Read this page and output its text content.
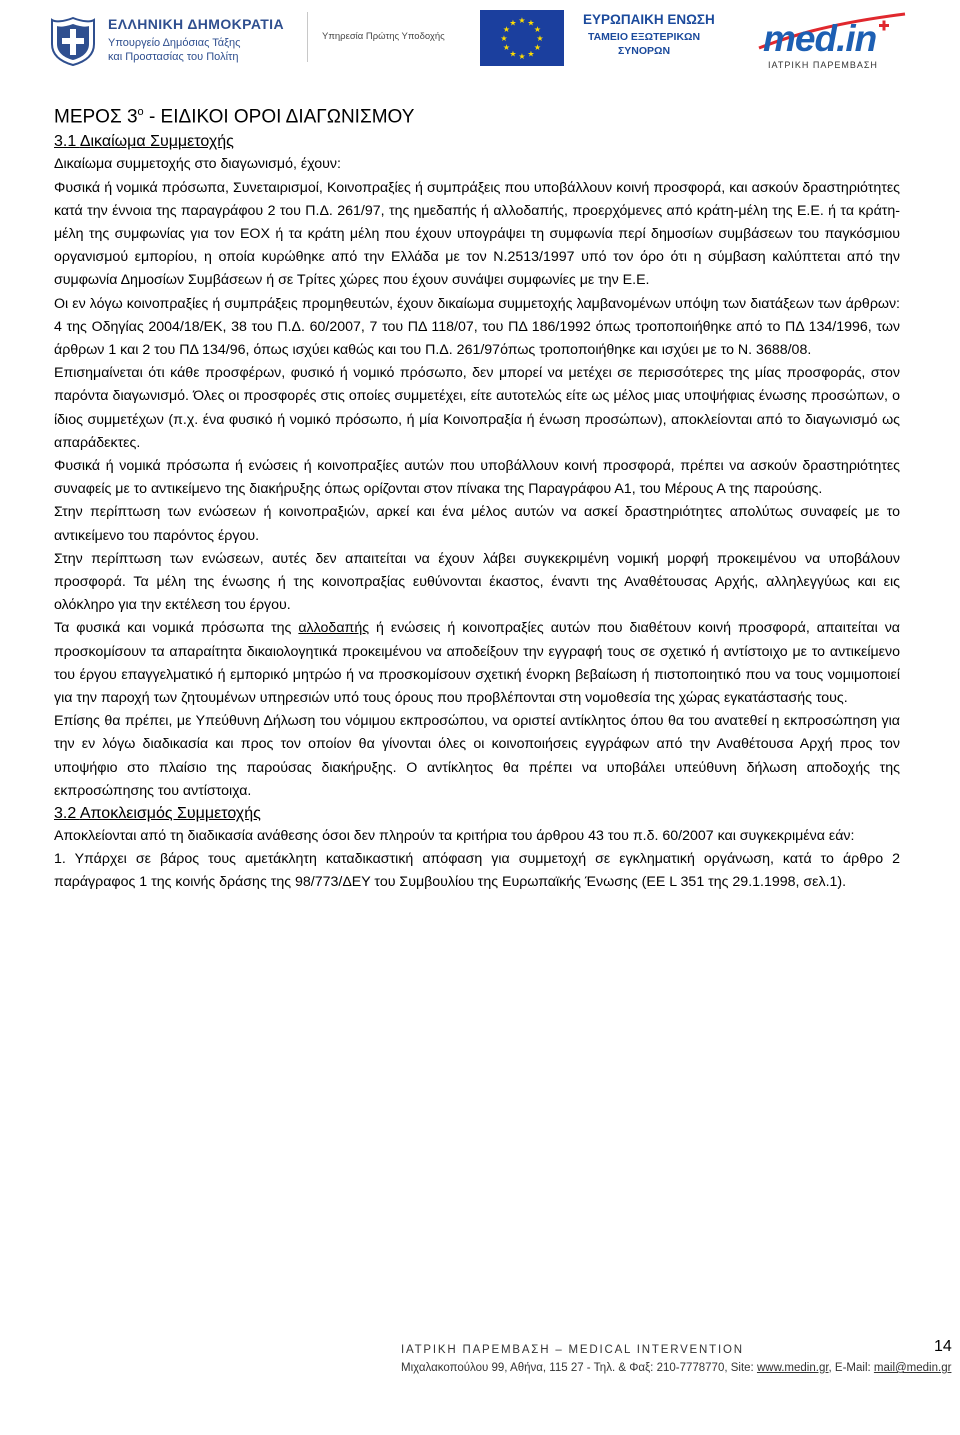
ΕΛΛΗΝΙΚΗ ΔΗΜΟΚΡΑΤΙΑ
Υπουργείο Δημόσιας Τάξης
και Προστασίας του Πολίτη
Υπηρεσία Πρώτης Υποδοχής
★ ★
★
★
★
★
★
★
★
★
★
★	ΕΥΡΩΠΑΙΚΗ ΕΝΩΣΗ
ΤΑΜΕΙΟ ΕΞΩΤΕΡΙΚΩΝ
ΣΥΝΟΡΩΝ	med.in
ΙΑΤΡΙΚΗ ΠΑΡΕΜΒΑΣΗ

ΜΕΡΟΣ $3^o$ - ΕΙΔΙΚΟΙ ΟΡΟΙ ΔΙΑΓΩΝΙΣΜΟΥ

3.1 Δικαίωμα Συμμετοχής

Δικαίωμα συμμετοχής στο διαγωνισμό, έχουν:

Φυσικά ή νομικά πρόσωπα, Συνεταιρισμοί, Κοινοπραξίες ή συμπράξεις που υποβάλλουν κοινή προσφορά, και ασκούν δραστηριότητες κατά την έννοια της παραγράφου 2 του Π.Δ. 261/97, της ημεδαπής ή αλλοδαπής, προερχόμενες από κράτη-μέλη της Ε.Ε. ή τα κράτη-μέλη της συμφωνίας για τον ΕΟΧ ή τα κράτη μέλη που έχουν υπογράψει τη συμφωνία περί δημοσίων συμβάσεων του παγκόσμιου οργανισμού εμπορίου, η οποία κυρώθηκε από την Ελλάδα με τον Ν.2513/1997 υπό τον όρο ότι η σύμβαση καλύπτεται από την συμφωνία Δημοσίων Συμβάσεων ή σε Τρίτες χώρες που έχουν συνάψει συμφωνίες με την Ε.Ε.

Οι εν λόγω κοινοπραξίες ή συμπράξεις προμηθευτών, έχουν δικαίωμα συμμετοχής λαμβανομένων υπόψη των διατάξεων των άρθρων: 4 της Οδηγίας 2004/18/ΕΚ, 38 του Π.Δ. 60/2007, 7 του ΠΔ 118/07, του ΠΔ 186/1992 όπως τροποποιήθηκε από το ΠΔ 134/1996, των άρθρων 1 και 2 του ΠΔ 134/96, όπως ισχύει καθώς και του Π.Δ. 261/97όπως τροποποιήθηκε και ισχύει με το Ν. 3688/08.

Επισημαίνεται ότι κάθε προσφέρων, φυσικό ή νομικό πρόσωπο, δεν μπορεί να μετέχει σε περισσότερες της μίας προσφοράς, στον παρόντα διαγωνισμό. Όλες οι προσφορές στις οποίες συμμετέχει, είτε αυτοτελώς είτε ως μέλος μιας υποψήφιας ένωσης προσώπων, ο ίδιος συμμετέχων (π.χ. ένα φυσικό ή νομικό πρόσωπο, ή μία Κοινοπραξία ή ένωση προσώπων), αποκλείονται από το διαγωνισμό ως απαράδεκτες.

Φυσικά ή νομικά πρόσωπα ή ενώσεις ή κοινοπραξίες αυτών που υποβάλλουν κοινή προσφορά, πρέπει να ασκούν δραστηριότητες συναφείς με το αντικείμενο της διακήρυξης όπως ορίζονται στον πίνακα της Παραγράφου Α1, του Μέρους Α της παρούσης.

Στην περίπτωση των ενώσεων ή κοινοπραξιών, αρκεί και ένα μέλος αυτών να ασκεί δραστηριότητες απολύτως συναφείς με το αντικείμενο του παρόντος έργου.

Στην περίπτωση των ενώσεων, αυτές δεν απαιτείται να έχουν λάβει συγκεκριμένη νομική μορφή προκειμένου να υποβάλουν προσφορά. Τα μέλη της ένωσης ή της κοινοπραξίας ευθύνονται έκαστος, έναντι της Αναθέτουσας Αρχής, αλληλεγγύως και εις ολόκληρο για την εκτέλεση του έργου.

Τα φυσικά και νομικά πρόσωπα της αλλοδαπής ή ενώσεις ή κοινοπραξίες αυτών που διαθέτουν κοινή προσφορά, απαιτείται να προσκομίσουν τα απαραίτητα δικαιολογητικά προκειμένου να αποδείξουν την εγγραφή τους σε σχετικό ή αντίστοιχο με το αντικείμενο του έργου επαγγελματικό ή εμπορικό μητρώο ή να προσκομίσουν σχετική ένορκη βεβαίωση ή πιστοποιητικό που να τους νομιμοποιεί για την παροχή των ζητουμένων υπηρεσιών υπό τους όρους που προβλέπονται στη νομοθεσία της χώρας εγκατάστασής τους.

Επίσης θα πρέπει, με Υπεύθυνη Δήλωση του νόμιμου εκπροσώπου, να οριστεί αντίκλητος όπου θα του ανατεθεί η εκπροσώπηση για την εν λόγω διαδικασία και προς τον οποίον θα γίνονται όλες οι κοινοποιήσεις εγγράφων από την Αναθέτουσα Αρχή προς τον υποψήφιο στο πλαίσιο της παρούσας διακήρυξης. Ο αντίκλητος θα πρέπει να υποβάλει υπεύθυνη δήλωση αποδοχής της εκπροσώπησης του αντίστοιχα.

3.2 Αποκλεισμός Συμμετοχής

Αποκλείονται από τη διαδικασία ανάθεσης όσοι δεν πληρούν τα κριτήρια του άρθρου 43 του π.δ. 60/2007 και συγκεκριμένα εάν:

1. Υπάρχει σε βάρος τους αμετάκλητη καταδικαστική απόφαση για συμμετοχή σε εγκληματική οργάνωση, κατά το άρθρο 2 παράγραφος 1 της κοινής δράσης της 98/773/ΔΕΥ του Συμβουλίου της Ευρωπαϊκής Ένωσης (ΕΕ L 351 της 29.1.1998, σελ.1).

ΙΑΤΡΙΚΗ ΠΑΡΕΜΒΑΣΗ – MEDICAL INTERVENTION
Μιχαλακοπούλου 99, Αθήνα, 115 27 - Τηλ. & Φαξ: 210-7778770, Site: www.medin.gr, E-Mail: mail@medin.gr
14
